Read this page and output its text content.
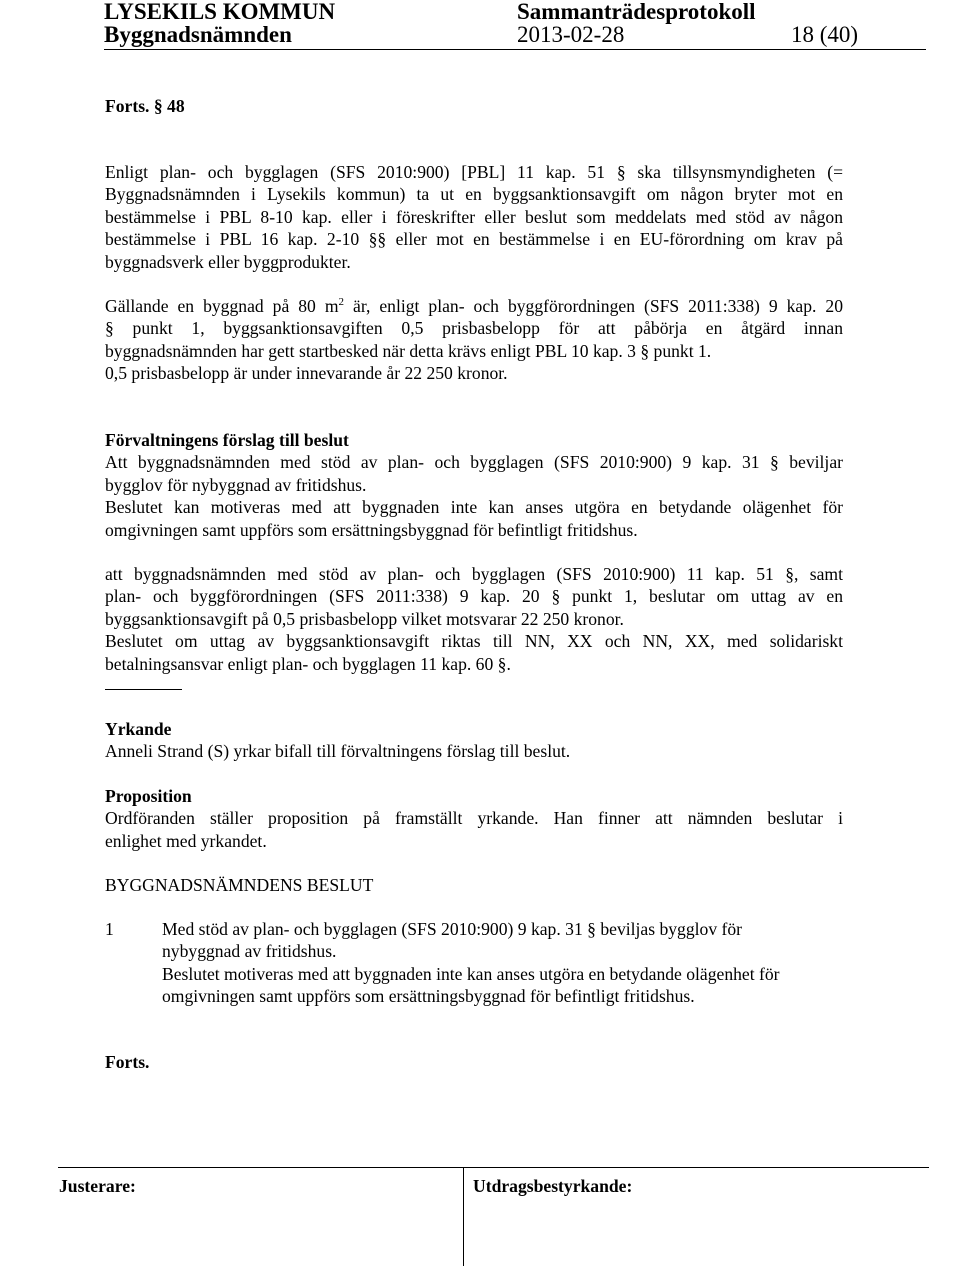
LYSEKILS KOMMUN	Sammanträdesprotokoll
Byggnadsnämnden	2013-02-28	18 (40)
Forts. § 48
Enligt plan- och bygglagen (SFS 2010:900) [PBL] 11 kap. 51 § ska tillsynsmyndigheten (=
Byggnadsnämnden i Lysekils kommun) ta ut en byggsanktionsavgift om någon bryter mot en
bestämmelse i PBL 8-10 kap. eller i föreskrifter eller beslut som meddelats med stöd av någon
bestämmelse i PBL 16 kap. 2-10 §§ eller mot en bestämmelse i en EU-förordning om krav på
byggnadsverk eller byggprodukter.
Gällande en byggnad på 80 $m^2$ är, enligt plan- och byggförordningen (SFS 2011:338) 9 kap. 20
§ punkt 1, byggsanktionsavgiften 0,5 prisbasbelopp för att påbörja en åtgärd innan
byggnadsnämnden har gett startbesked när detta krävs enligt PBL 10 kap. 3 § punkt 1.
0,5 prisbasbelopp är under innevarande år 22 250 kronor.
Förvaltningens förslag till beslut
Att byggnadsnämnden med stöd av plan- och bygglagen (SFS 2010:900) 9 kap. 31 § beviljar
bygglov för nybyggnad av fritidshus.
Beslutet kan motiveras med att byggnaden inte kan anses utgöra en betydande olägenhet för
omgivningen samt uppförs som ersättningsbyggnad för befintligt fritidshus.
att byggnadsnämnden med stöd av plan- och bygglagen (SFS 2010:900) 11 kap. 51 §, samt
plan- och byggförordningen (SFS 2011:338) 9 kap. 20 § punkt 1, beslutar om uttag av en
byggsanktionsavgift på 0,5 prisbasbelopp vilket motsvarar 22 250 kronor.
Beslutet om uttag av byggsanktionsavgift riktas till NN, XX och NN, XX, med solidariskt
betalningsansvar enligt plan- och bygglagen 11 kap. 60 §.
Yrkande
Anneli Strand (S) yrkar bifall till förvaltningens förslag till beslut.
Proposition
Ordföranden ställer proposition på framställt yrkande. Han finner att nämnden beslutar i
enlighet med yrkandet.
BYGGNADSNÄMNDENS BESLUT
1	Med stöd av plan- och bygglagen (SFS 2010:900) 9 kap. 31 § beviljas bygglov för
nybyggnad av fritidshus.
Beslutet motiveras med att byggnaden inte kan anses utgöra en betydande olägenhet för
omgivningen samt uppförs som ersättningsbyggnad för befintligt fritidshus.
Forts.
Justerare:	Utdragsbestyrkande:
